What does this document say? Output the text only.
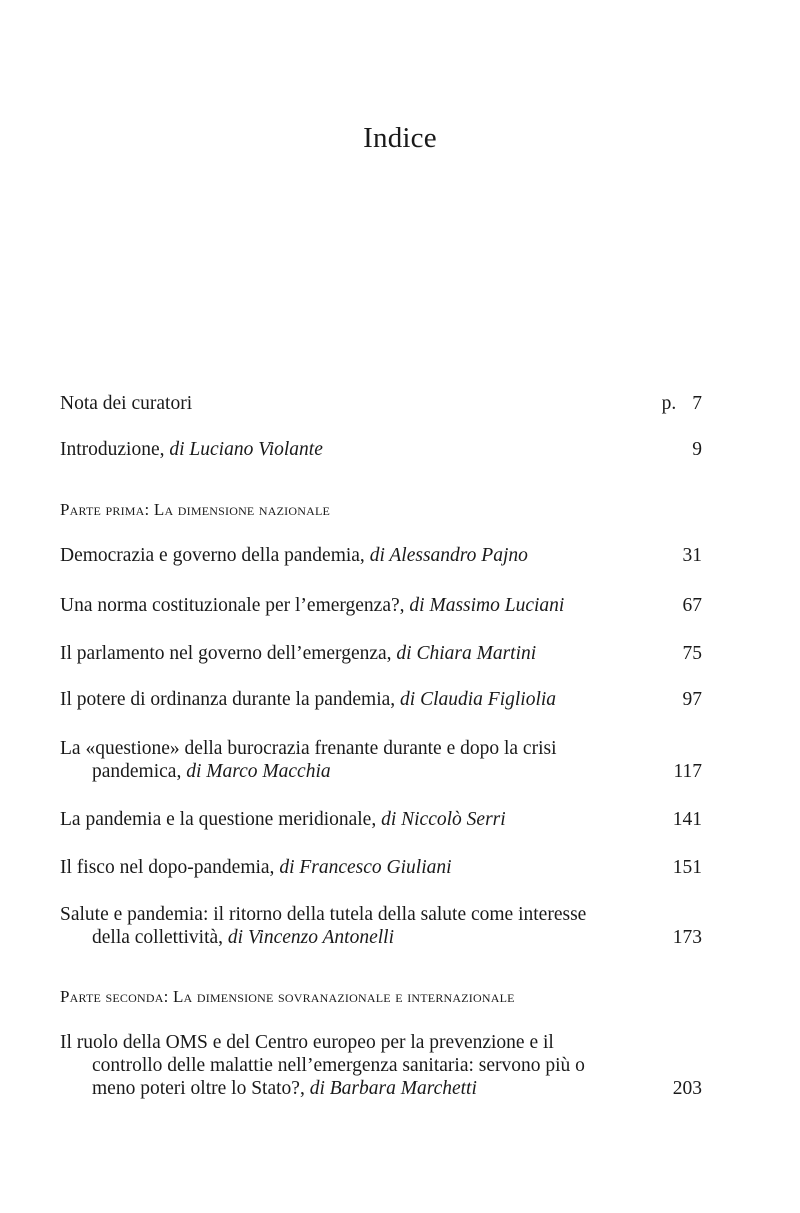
Indice
Nota dei curatori	p. 7
Introduzione, di Luciano Violante	9
Parte prima: La dimensione nazionale
Democrazia e governo della pandemia, di Alessandro Pajno	31
Una norma costituzionale per l’emergenza?, di Massimo Luciani	67
Il parlamento nel governo dell’emergenza, di Chiara Martini	75
Il potere di ordinanza durante la pandemia, di Claudia Figliolia	97
La «questione» della burocrazia frenante durante e dopo la crisi
pandemica, di Marco Macchia	117
La pandemia e la questione meridionale, di Niccolò Serri	141
Il fisco nel dopo-pandemia, di Francesco Giuliani	151
Salute e pandemia: il ritorno della tutela della salute come interesse
della collettività, di Vincenzo Antonelli	173
Parte seconda: La dimensione sovranazionale e internazionale
Il ruolo della OMS e del Centro europeo per la prevenzione e il
controllo delle malattie nell’emergenza sanitaria: servono più o
meno poteri oltre lo Stato?, di Barbara Marchetti	203
